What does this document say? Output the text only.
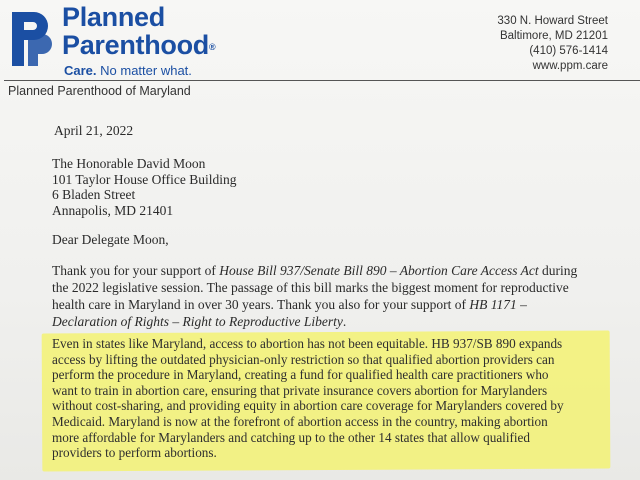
Planned
Parenthood®
Care. No matter what.
330 N. Howard Street
Baltimore, MD 21201
(410) 576-1414
www.ppm.care
Planned Parenthood of Maryland
April 21, 2022
The Honorable David Moon
101 Taylor House Office Building
6 Bladen Street
Annapolis, MD 21401
Dear Delegate Moon,
Thank you for your support of House Bill 937/Senate Bill 890 – Abortion Care Access Act during
the 2022 legislative session. The passage of this bill marks the biggest moment for reproductive
health care in Maryland in over 30 years. Thank you also for your support of HB 1171 –
Declaration of Rights – Right to Reproductive Liberty.
Even in states like Maryland, access to abortion has not been equitable. HB 937/SB 890 expands
access by lifting the outdated physician-only restriction so that qualified abortion providers can
perform the procedure in Maryland, creating a fund for qualified health care practitioners who
want to train in abortion care, ensuring that private insurance covers abortion for Marylanders
without cost-sharing, and providing equity in abortion care coverage for Marylanders covered by
Medicaid. Maryland is now at the forefront of abortion access in the country, making abortion
more affordable for Marylanders and catching up to the other 14 states that allow qualified
providers to perform abortions.
